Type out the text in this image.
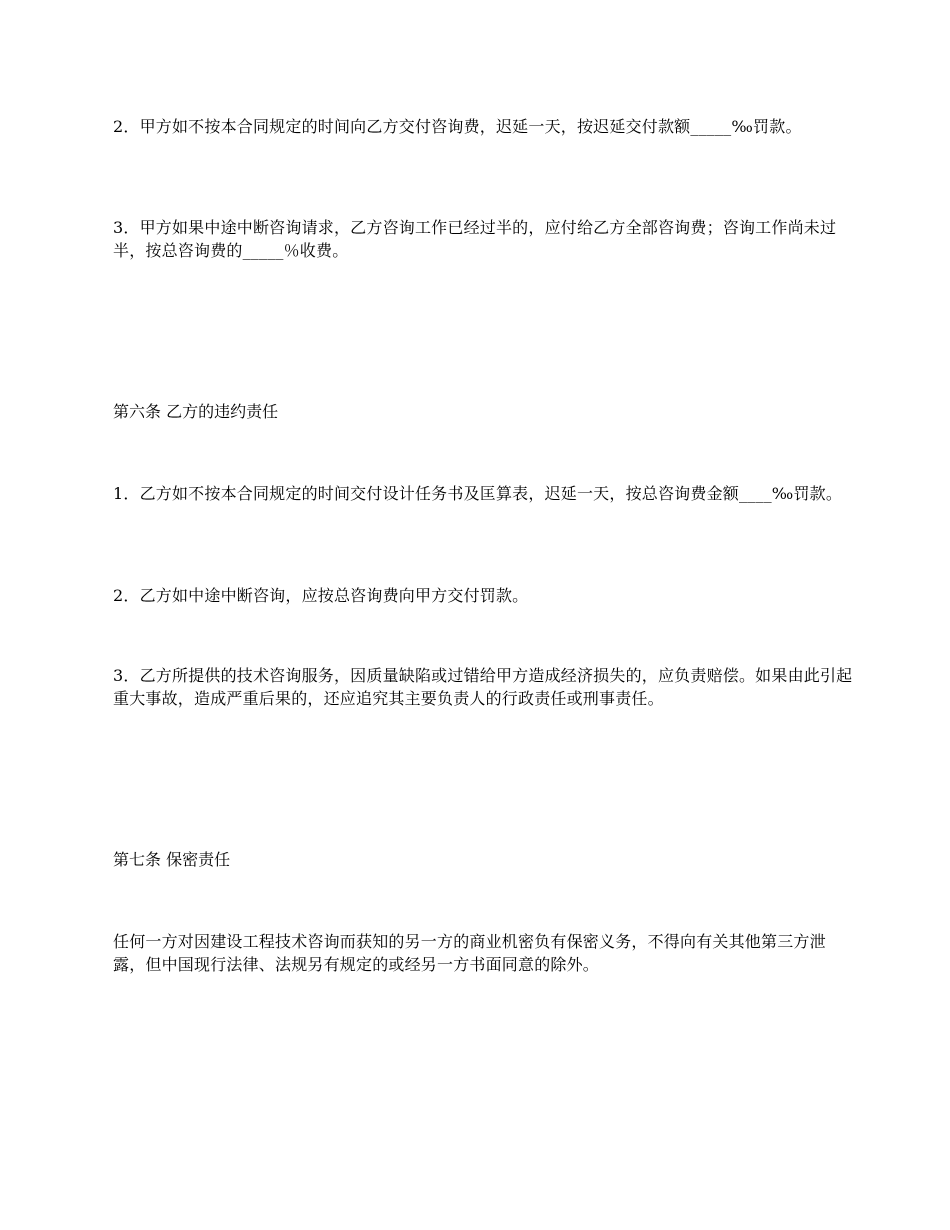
2．甲方如不按本合同规定的时间向乙方交付咨询费，迟延一天，按迟延交付款额_____‰罚款。

3．甲方如果中途中断咨询请求，乙方咨询工作已经过半的，应付给乙方全部咨询费；咨询工作尚未过半，按总咨询费的_____％收费。

第六条 乙方的违约责任

1．乙方如不按本合同规定的时间交付设计任务书及匡算表，迟延一天，按总咨询费金额____‰罚款。

2．乙方如中途中断咨询，应按总咨询费向甲方交付罚款。

3．乙方所提供的技术咨询服务，因质量缺陷或过错给甲方造成经济损失的，应负责赔偿。如果由此引起重大事故，造成严重后果的，还应追究其主要负责人的行政责任或刑事责任。

第七条 保密责任

任何一方对因建设工程技术咨询而获知的另一方的商业机密负有保密义务，不得向有关其他第三方泄露，但中国现行法律、法规另有规定的或经另一方书面同意的除外。
